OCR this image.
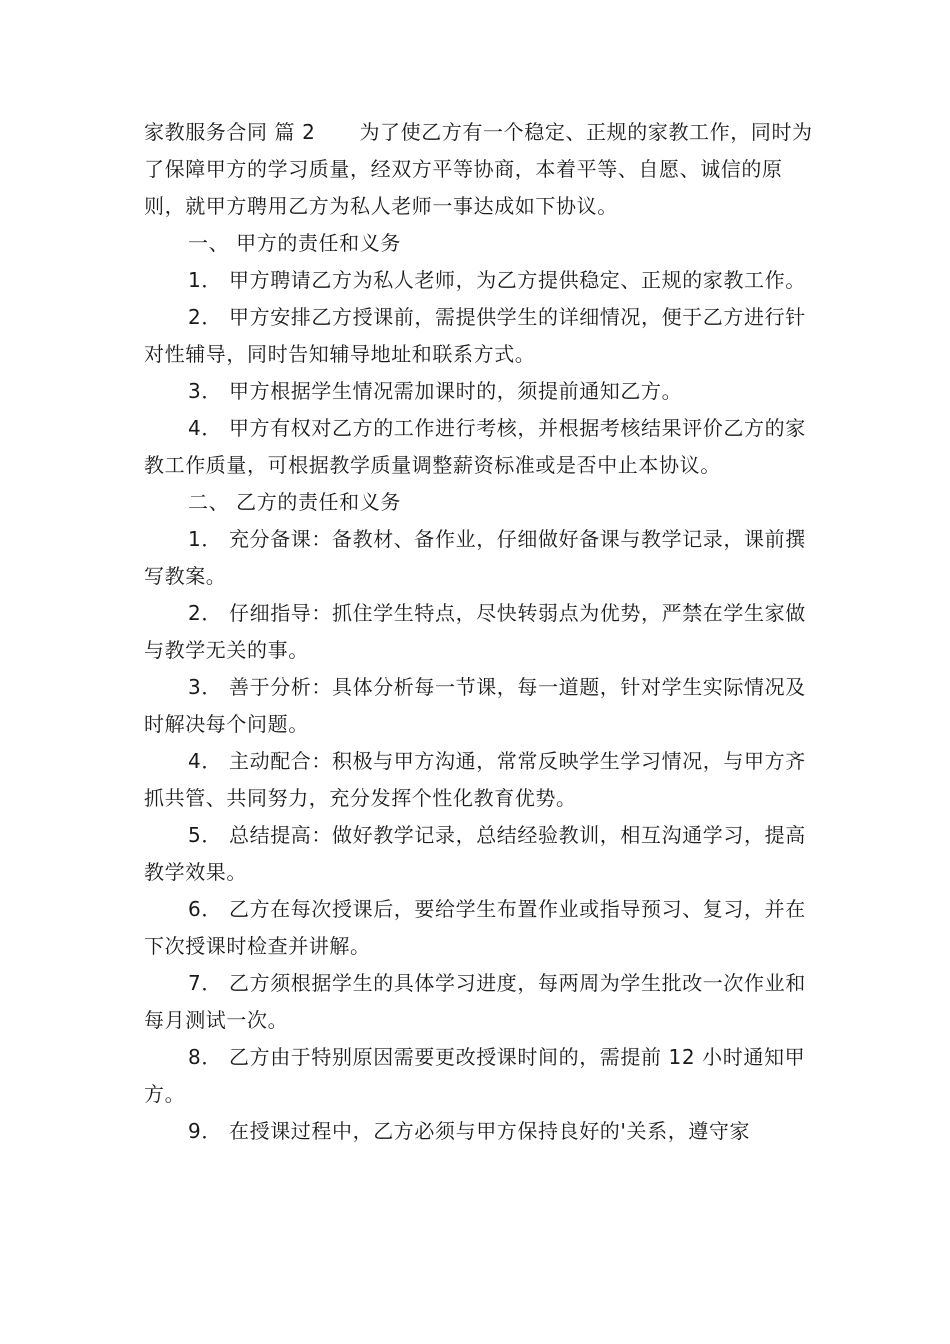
家教服务合同 篇 2 为了使乙方有一个稳定、正规的家教工作，同时为了保障甲方的学习质量，经双方平等协商，本着平等、自愿、诚信的原则，就甲方聘用乙方为私人老师一事达成如下协议。

一、 甲方的责任和义务

1． 甲方聘请乙方为私人老师，为乙方提供稳定、正规的家教工作。

2． 甲方安排乙方授课前，需提供学生的详细情况，便于乙方进行针对性辅导，同时告知辅导地址和联系方式。

3． 甲方根据学生情况需加课时的，须提前通知乙方。

4． 甲方有权对乙方的工作进行考核，并根据考核结果评价乙方的家教工作质量，可根据教学质量调整薪资标准或是否中止本协议。

二、 乙方的责任和义务

1． 充分备课：备教材、备作业，仔细做好备课与教学记录，课前撰写教案。

2． 仔细指导：抓住学生特点，尽快转弱点为优势，严禁在学生家做与教学无关的事。

3． 善于分析：具体分析每一节课，每一道题，针对学生实际情况及时解决每个问题。

4． 主动配合：积极与甲方沟通，常常反映学生学习情况，与甲方齐抓共管、共同努力，充分发挥个性化教育优势。

5． 总结提高：做好教学记录，总结经验教训，相互沟通学习，提高教学效果。

6． 乙方在每次授课后，要给学生布置作业或指导预习、复习，并在下次授课时检查并讲解。

7． 乙方须根据学生的具体学习进度，每两周为学生批改一次作业和每月测试一次。

8． 乙方由于特别原因需要更改授课时间的，需提前 12 小时通知甲方。

9． 在授课过程中，乙方必须与甲方保持良好的'关系，遵守家
